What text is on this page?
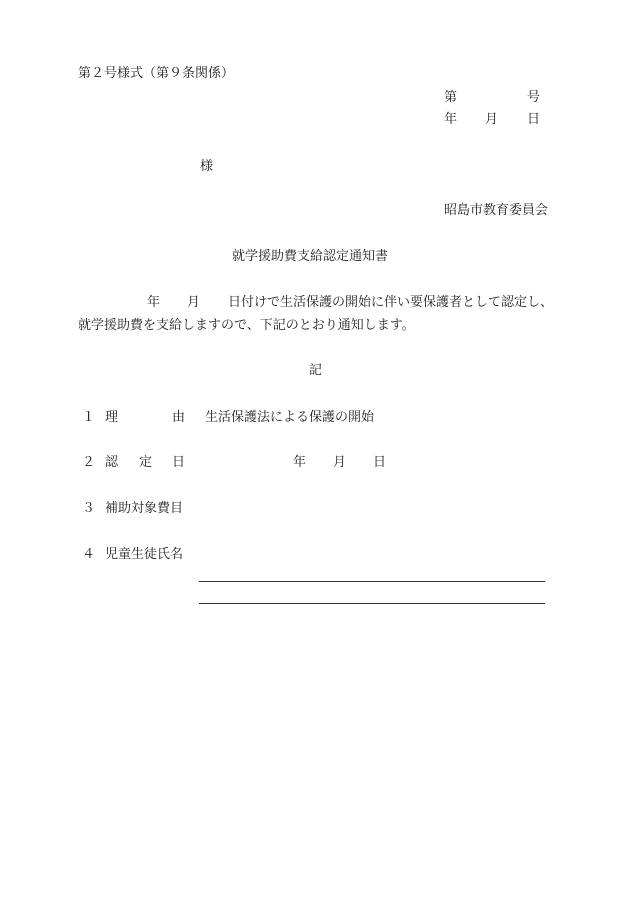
第２号様式（第９条関係）
第	号
年 月 日
様
昭島市教育委員会
就学援助費支給認定通知書
年 月 日付けで生活保護の開始に伴い要保護者として認定し、
就学援助費を支給しますので、下記のとおり通知します。
記
１ 理	由 生活保護法による保護の開始
２ 認 定 日	年 月 日
３ 補助対象費目
４ 児童生徒氏名
